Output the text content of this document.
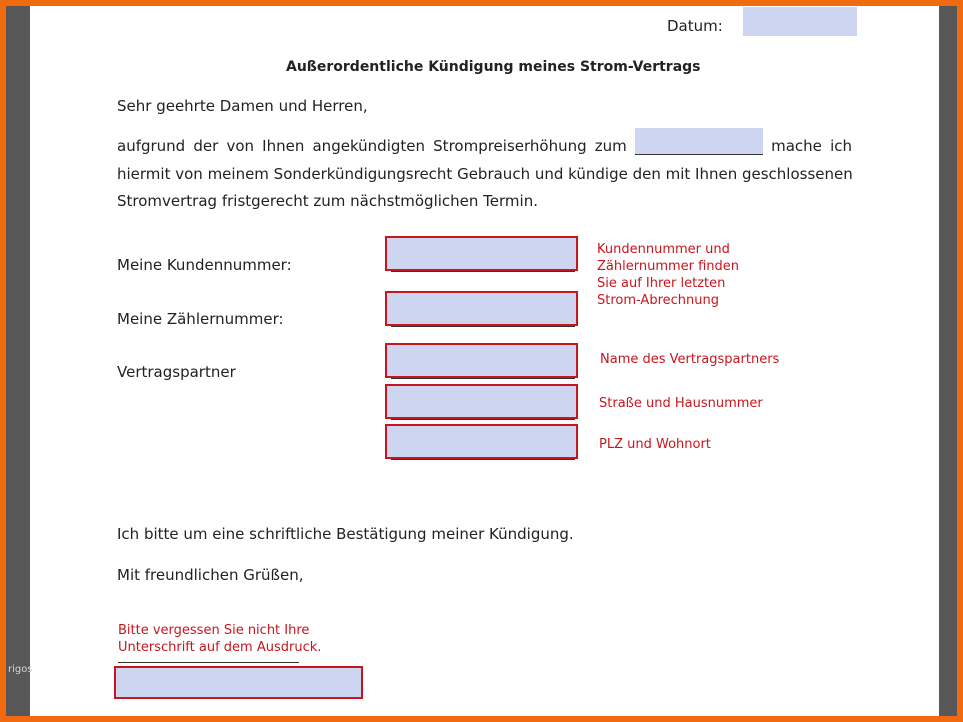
Datum:
Außerordentliche Kündigung meines Strom-Vertrags
Sehr geehrte Damen und Herren,
aufgrund der von Ihnen angekündigten Strompreiserhöhung zum	mache ich
hiermit von meinem Sonderkündigungsrecht Gebrauch und kündige den mit Ihnen geschlossenen
Stromvertrag fristgerecht zum nächstmöglichen Termin.
Meine Kundennummer:
Meine Zählernummer:
Kundennummer und
Zählernummer finden
Sie auf Ihrer letzten
Strom-Abrechnung
Vertragspartner
Name des Vertragspartners
Straße und Hausnummer
PLZ und Wohnort
Ich bitte um eine schriftliche Bestätigung meiner Kündigung.
Mit freundlichen Grüßen,
Bitte vergessen Sie nicht Ihre
Unterschrift auf dem Ausdruck.
rigos
